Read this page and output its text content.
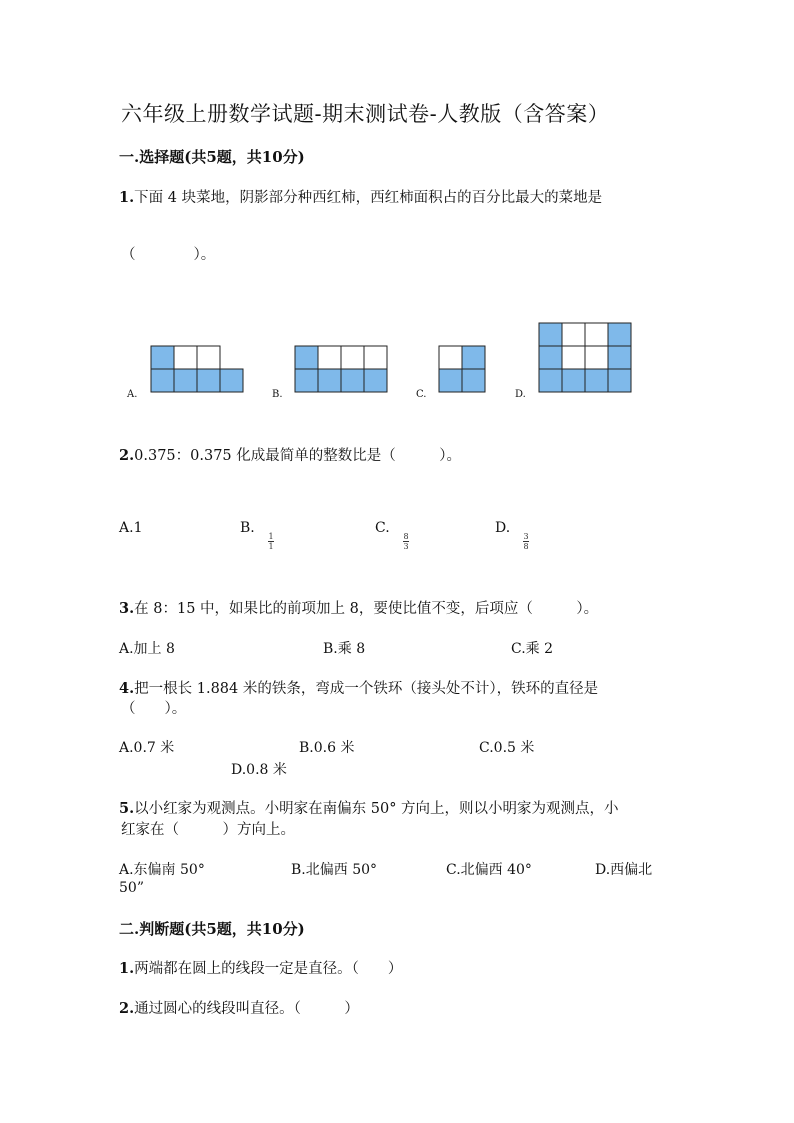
六年级上册数学试题-期末测试卷-人教版（含答案）
一.选择题(共5题，共10分)
1.下面 4 块菜地，阴影部分种西红柿，西红柿面积占的百分比最大的菜地是
（　　　　）。
A.	B.	C.	D.
2.0.375：0.375 化成最简单的整数比是（　　　）。
A.1	B.
1
1
C.
8
3
D.
3
8
3.在 8：15 中，如果比的前项加上 8，要使比值不变，后项应（　　　）。
A.加上 8	B.乘 8	C.乘 2
4.把一根长 1.884 米的铁条，弯成一个铁环（接头处不计），铁环的直径是
（　　）。
A.0.7 米	B.0.6 米	C.0.5 米
D.0.8 米
5.以小红家为观测点。小明家在南偏东 50° 方向上，则以小明家为观测点，小
红家在（　　　）方向上。
A.东偏南 50°	B.北偏西 50°	C.北偏西 40°	D.西偏北
50”
二.判断题(共5题，共10分)
1.两端都在圆上的线段一定是直径。（　　）
2.通过圆心的线段叫直径。（　　　）
